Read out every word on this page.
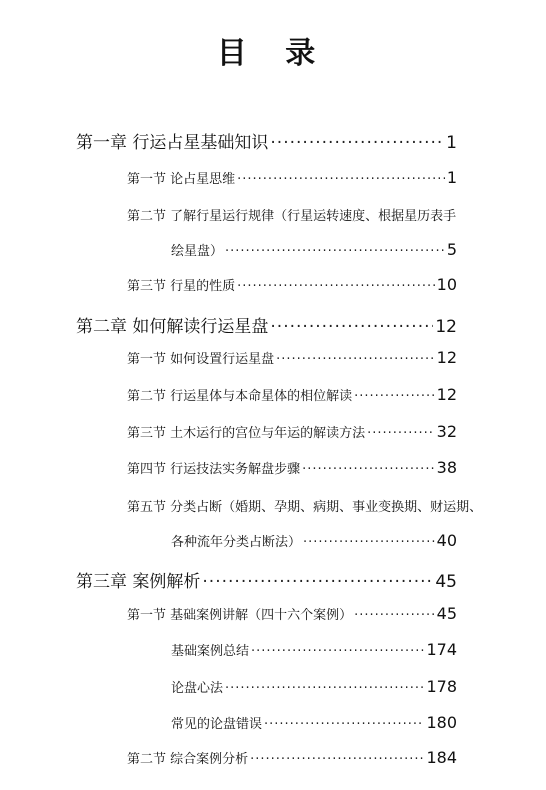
目 录
第一章 行运占星基础知识 ·····	1
第一节 论占星思维 ·····	1
第二节 了解行星运行规律（行星运转速度、根据星历表手
绘星盘） ·····	5
第三节 行星的性质 ·····	10
第二章 如何解读行运星盘 ·····	12
第一节 如何设置行运星盘 ·····	12
第二节 行运星体与本命星体的相位解读 ·····	12
第三节 土木运行的宫位与年运的解读方法 ·····	32
第四节 行运技法实务解盘步骤 ·····	38
第五节 分类占断（婚期、孕期、病期、事业变换期、财运期、
各种流年分类占断法） ·····	40
第三章 案例解析 ·····	45
第一节 基础案例讲解（四十六个案例） ·····	45
基础案例总结 ·····	174
论盘心法 ·····	178
常见的论盘错误 ·····	180
第二节 综合案例分析 ·····	184
